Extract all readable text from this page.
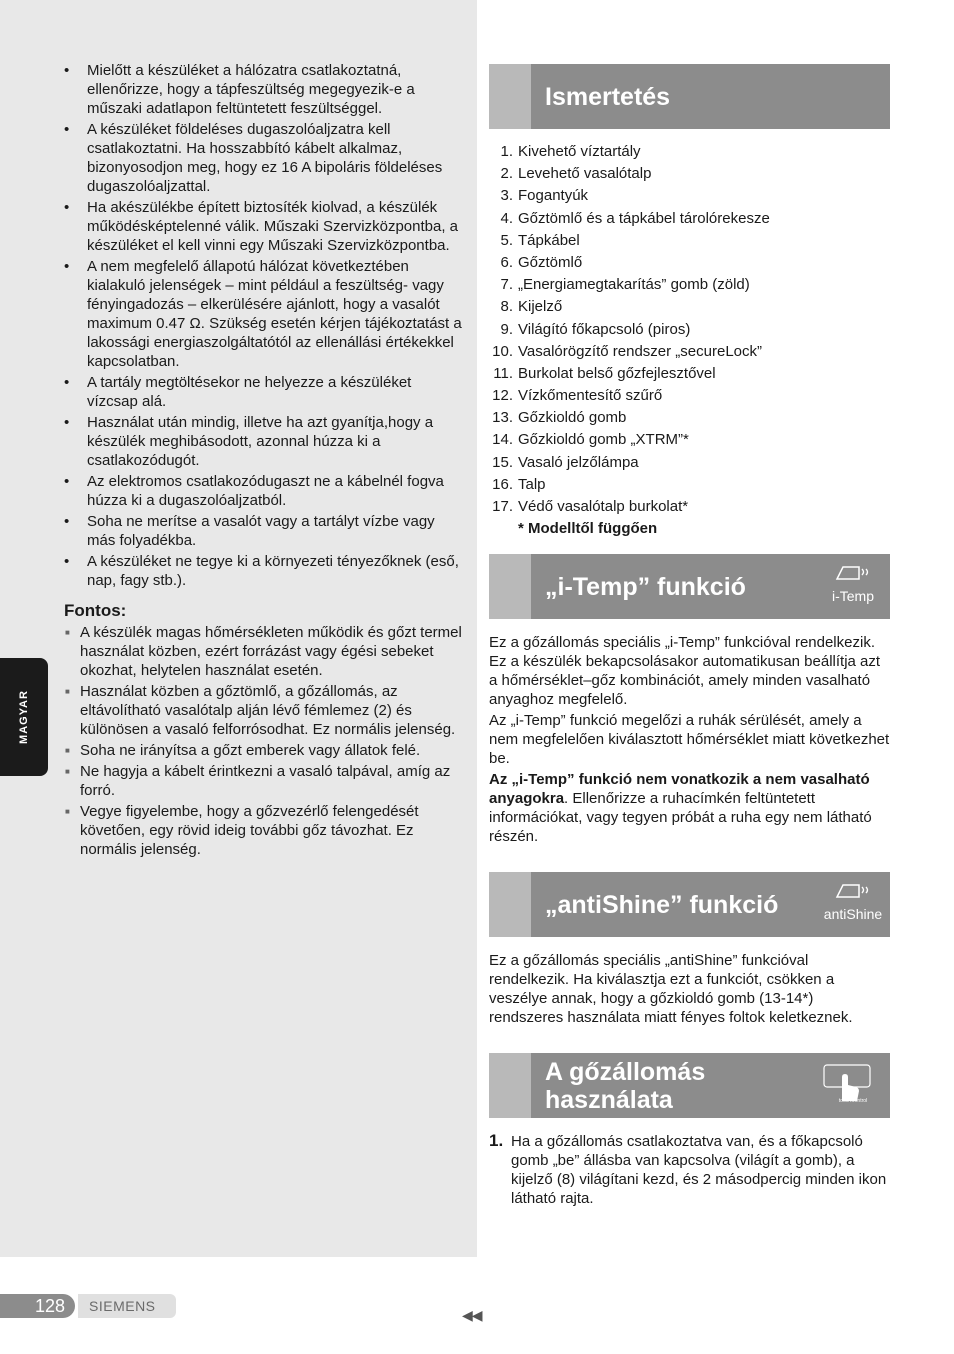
MAGYAR
• Mielőtt a készüléket a hálózatra csatlakoztatná, ellenőrizze, hogy a tápfeszültség megegyezik-e a műszaki adatlapon feltüntetett feszültséggel.
• A készüléket földeléses dugaszolóaljzatra kell csatlakoztatni. Ha hosszabbító kábelt alkalmaz, bizonyosodjon meg, hogy ez 16 A bipoláris földeléses dugaszolóaljzattal.
• Ha akészülékbe épített biztosíték kiolvad, a készülék működésképtelenné válik. Műszaki Szervizközpontba, a készüléket el kell vinni egy Műszaki Szervizközpontba.
• A nem megfelelő állapotú hálózat következtében kialakuló jelenségek – mint például a feszültség- vagy fényingadozás – elkerülésére ajánlott, hogy a vasalót maximum 0.47 Ω. Szükség esetén kérjen tájékoztatást a lakossági energiaszolgáltatótól az ellenállási értékekkel kapcsolatban.
• A tartály megtöltésekor ne helyezze a készüléket vízcsap alá.
• Használat után mindig, illetve ha azt gyanítja,hogy a készülék meghibásodott, azonnal húzza ki a csatlakozódugót.
• Az elektromos csatlakozódugaszt ne a kábelnél fogva húzza ki a dugaszolóaljzatból.
• Soha ne merítse a vasalót vagy a tartályt vízbe vagy más folyadékba.
• A készüléket ne tegye ki a környezeti tényezőknek (eső, nap, fagy stb.).
Fontos:
■ A készülék magas hőmérsékleten működik és gőzt termel használat közben, ezért forrázást vagy égési sebeket okozhat, helytelen használat esetén.
■ Használat közben a gőztömlő, a gőzállomás, az eltávolítható vasalótalp alján lévő fémlemez (2) és különösen a vasaló felforrósodhat. Ez normális jelenség.
■ Soha ne irányítsa a gőzt emberek vagy állatok felé.
■ Ne hagyja a kábelt érintkezni a vasaló talpával, amíg az forró.
■ Vegye figyelembe, hogy a gőzvezérlő felengedését követően, egy rövid ideig további gőz távozhat. Ez normális jelenség.
Ismertetés
1. Kivehető víztartály
2. Levehető vasalótalp
3. Fogantyúk
4. Gőztömlő és a tápkábel tárolórekesze
5. Tápkábel
6. Gőztömlő
7. „Energiamegtakarítás” gomb (zöld)
8. Kijelző
9. Világító főkapcsoló (piros)
10. Vasalórögzítő rendszer „secureLock”
11. Burkolat belső gőzfejlesztővel
12. Vízkőmentesítő szűrő
13. Gőzkioldó gomb
14. Gőzkioldó gomb „XTRM”*
15. Vasaló jelzőlámpa
16. Talp
17. Védő vasalótalp burkolat*
* Modelltől függően
„i-Temp” funkció	i-Temp

Ez a gőzállomás speciális „i-Temp” funkcióval rendelkezik. Ez a készülék bekapcsolásakor automatikusan beállítja azt a hőmérséklet–gőz kombinációt, amely minden vasalható anyaghoz megfelelő.

Az „i-Temp” funkció megelőzi a ruhák sérülését, amely a nem megfelelően kiválasztott hőmérséklet miatt következhet be.

Az „i-Temp” funkció nem vonatkozik a nem vasalható anyagokra. Ellenőrizze a ruhacímkén feltüntetett információkat, vagy tegyen próbát a ruha egy nem látható részén.

„antiShine” funkció	antiShine

Ez a gőzállomás speciális „antiShine” funkcióval rendelkezik. Ha kiválasztja ezt a funkciót, csökken a veszélye annak, hogy a gőzkioldó gomb (13-14*) rendszeres használata miatt fényes foltok keletkeznek.

A gőzállomás
használata	touchControl
1. Ha a gőzállomás csatlakoztatva van, és a főkapcsoló gomb „be” állásba van kapcsolva (világít a gomb), a kijelző (8) világítani kezd, és 2 másodpercig minden ikon látható rajta.
128	SIEMENS
◀◀
